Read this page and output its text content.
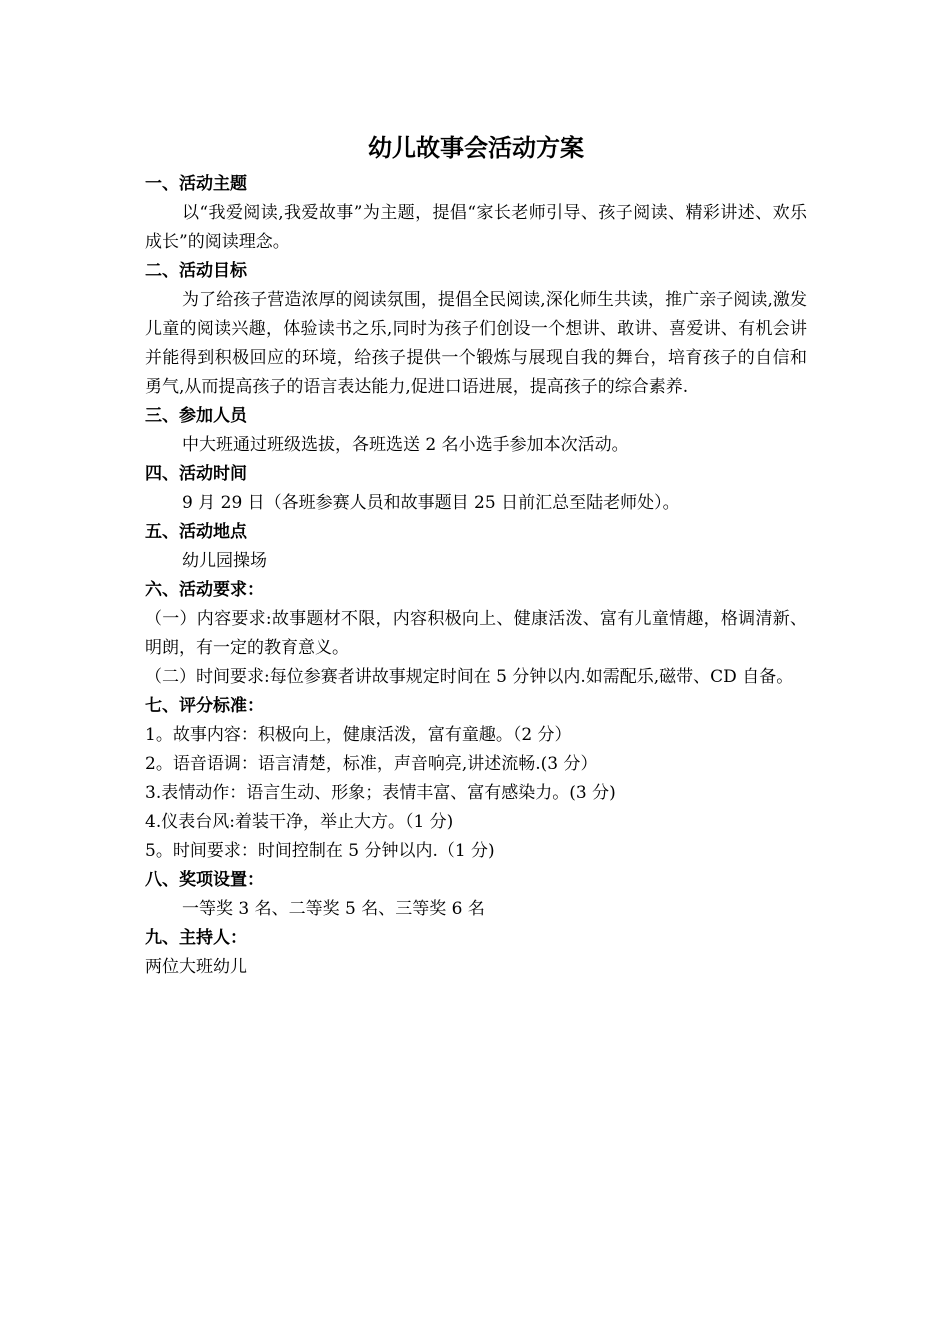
幼儿故事会活动方案
一、活动主题
以“我爱阅读,我爱故事”为主题，提倡“家长老师引导、孩子阅读、精彩讲述、欢乐成长”的阅读理念。
二、活动目标
为了给孩子营造浓厚的阅读氛围，提倡全民阅读,深化师生共读，推广亲子阅读,激发儿童的阅读兴趣，体验读书之乐,同时为孩子们创设一个想讲、敢讲、喜爱讲、有机会讲并能得到积极回应的环境，给孩子提供一个锻炼与展现自我的舞台，培育孩子的自信和勇气,从而提高孩子的语言表达能力,促进口语进展，提高孩子的综合素养.
三、参加人员
中大班通过班级选拔，各班选送 2 名小选手参加本次活动。
四、活动时间
9 月 29 日（各班参赛人员和故事题目 25 日前汇总至陆老师处）。
五、活动地点
幼儿园操场
六、活动要求：
（一）内容要求:故事题材不限，内容积极向上、健康活泼、富有儿童情趣，格调清新、明朗，有一定的教育意义。
（二）时间要求:每位参赛者讲故事规定时间在 5 分钟以内.如需配乐,磁带、CD 自备。
七、评分标准：
1。故事内容：积极向上，健康活泼，富有童趣。（2 分）
2。语音语调：语言清楚，标准，声音响亮,讲述流畅.(3 分）
3.表情动作：语言生动、形象；表情丰富、富有感染力。(3 分)
4.仪表台风:着装干净，举止大方。（1 分)
5。时间要求：时间控制在 5 分钟以内.（1 分)
八、奖项设置：
一等奖 3 名、二等奖 5 名、三等奖 6 名
九、主持人：
两位大班幼儿
